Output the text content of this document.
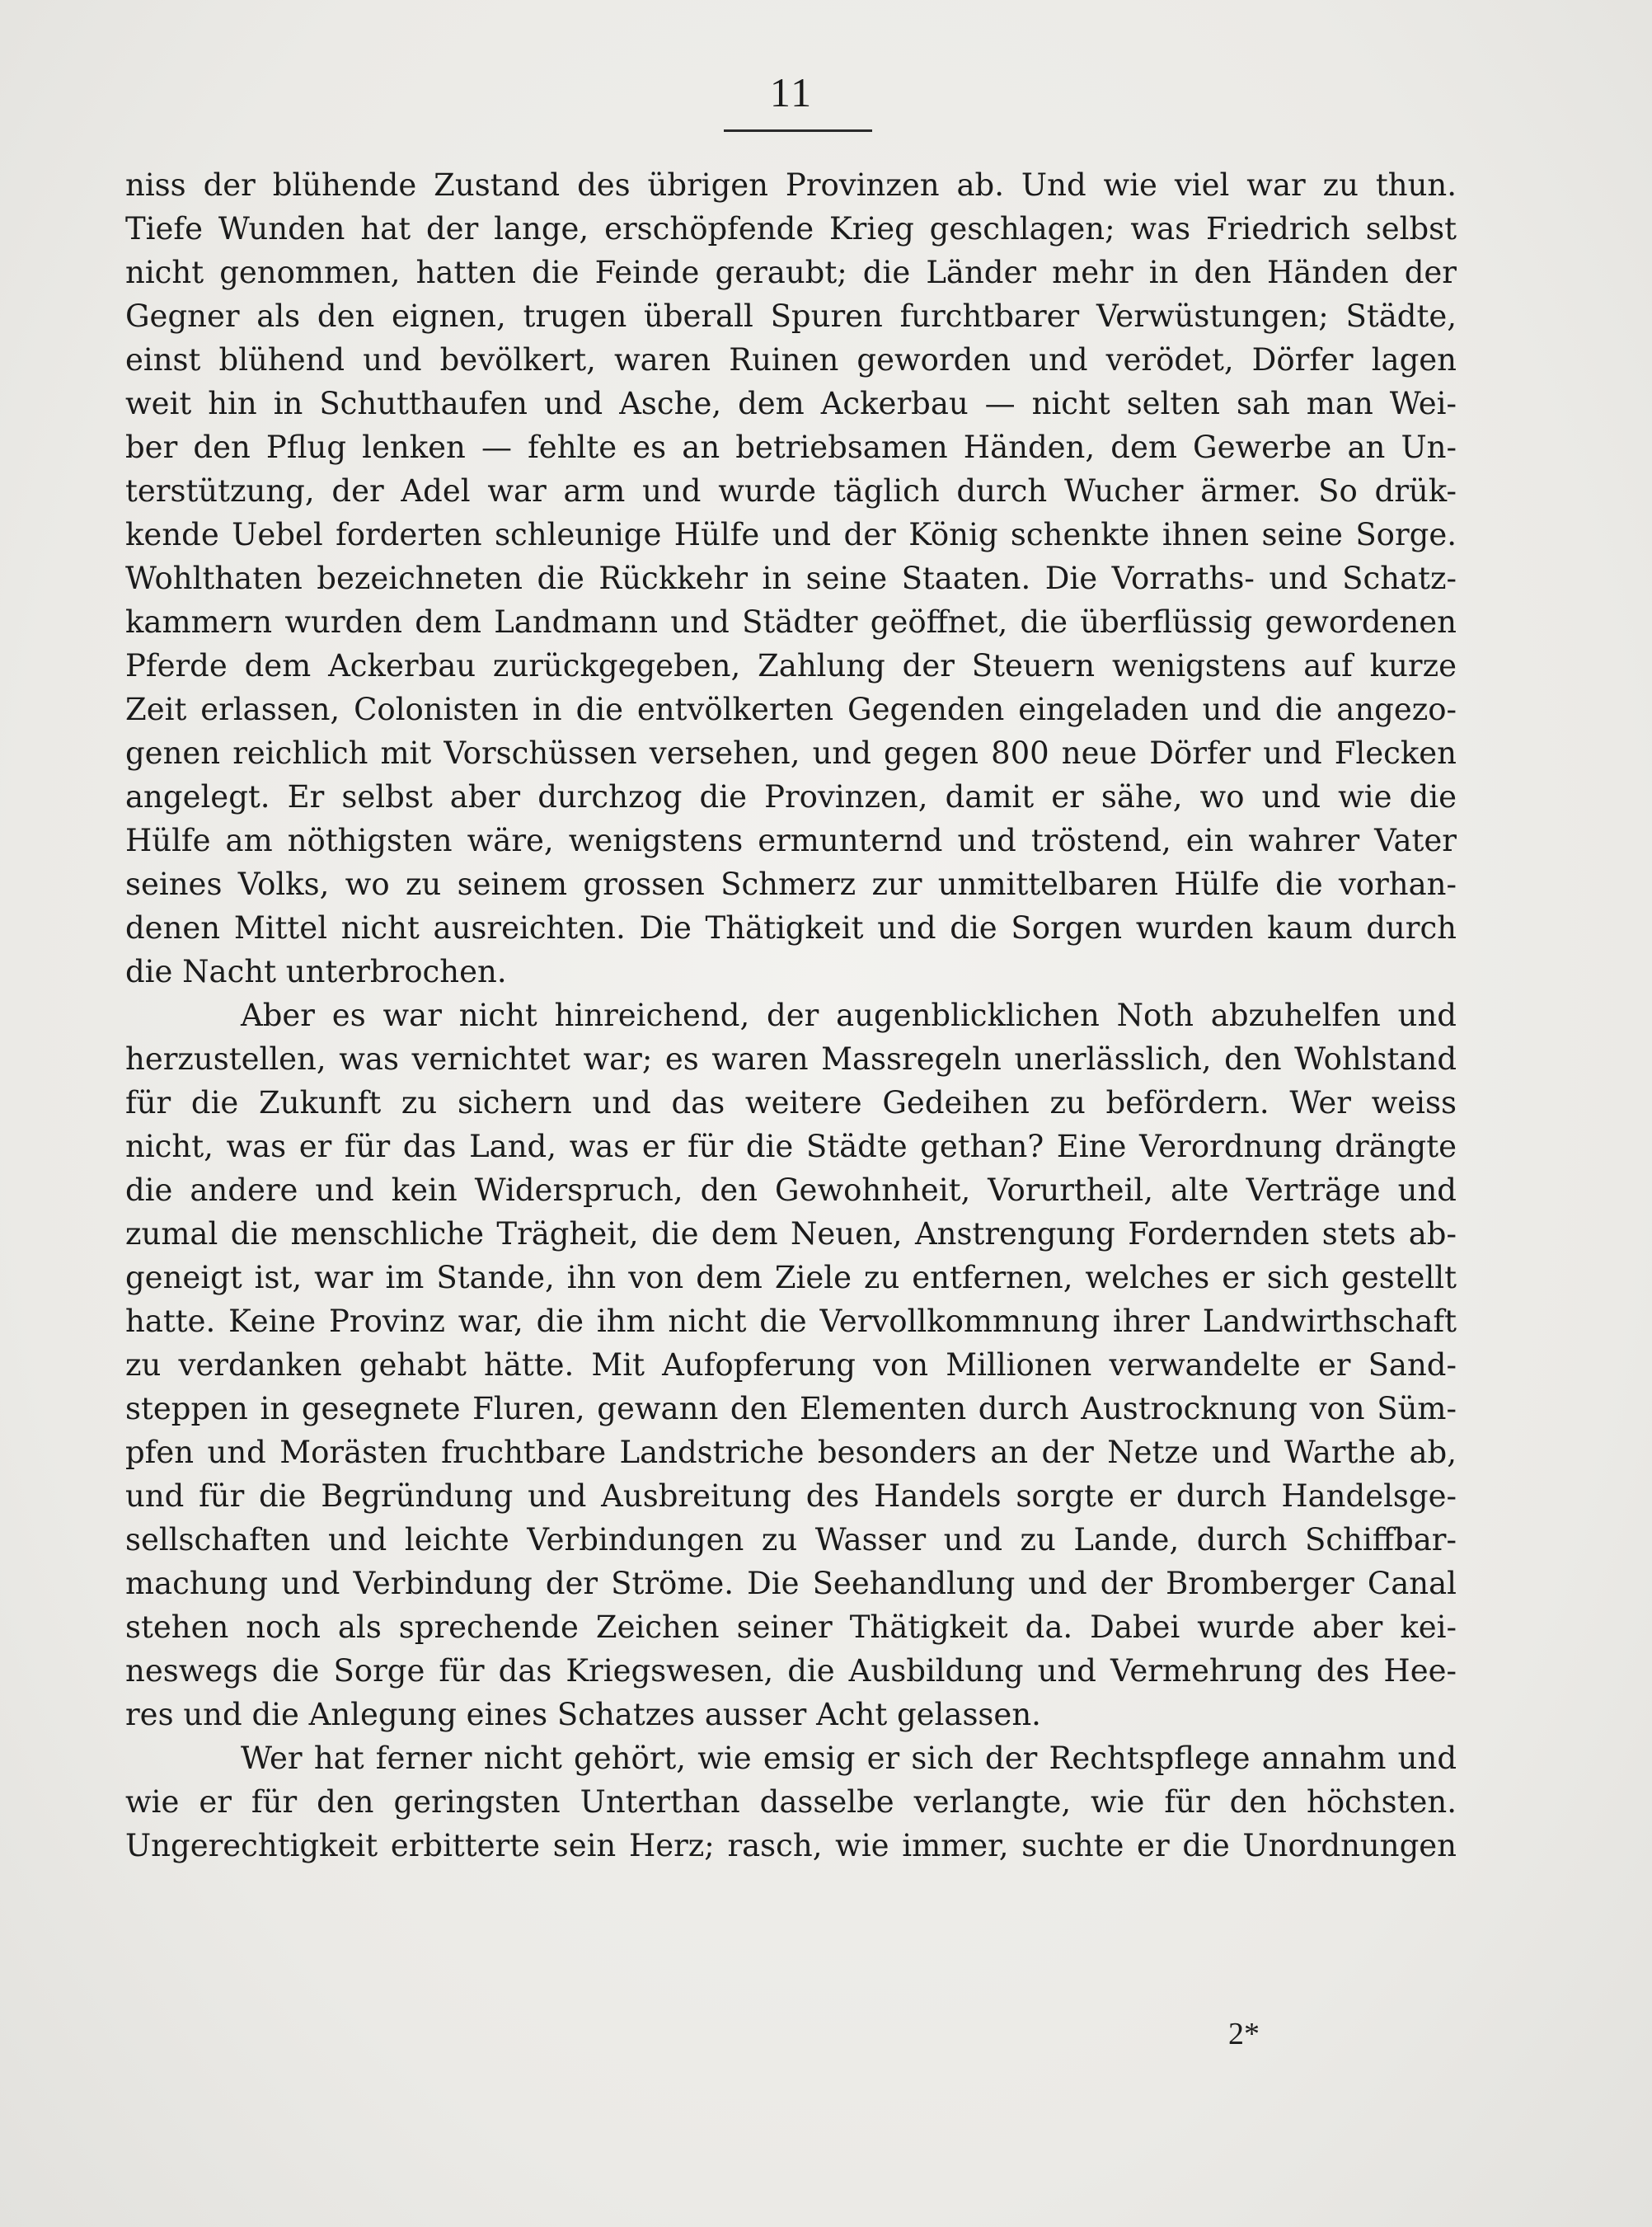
11
niss der blühende Zustand des übrigen Provinzen ab. Und wie viel war zu thun.
Tiefe Wunden hat der lange, erschöpfende Krieg geschlagen; was Friedrich selbst
nicht genommen, hatten die Feinde geraubt; die Länder mehr in den Händen der
Gegner als den eignen, trugen überall Spuren furchtbarer Verwüstungen; Städte,
einst blühend und bevölkert, waren Ruinen geworden und verödet, Dörfer lagen
weit hin in Schutthaufen und Asche, dem Ackerbau — nicht selten sah man Wei-
ber den Pflug lenken — fehlte es an betriebsamen Händen, dem Gewerbe an Un-
terstützung, der Adel war arm und wurde täglich durch Wucher ärmer. So drük-
kende Uebel forderten schleunige Hülfe und der König schenkte ihnen seine Sorge.
Wohlthaten bezeichneten die Rückkehr in seine Staaten. Die Vorraths- und Schatz-
kammern wurden dem Landmann und Städter geöffnet, die überflüssig gewordenen
Pferde dem Ackerbau zurückgegeben, Zahlung der Steuern wenigstens auf kurze
Zeit erlassen, Colonisten in die entvölkerten Gegenden eingeladen und die angezo-
genen reichlich mit Vorschüssen versehen, und gegen 800 neue Dörfer und Flecken
angelegt. Er selbst aber durchzog die Provinzen, damit er sähe, wo und wie die
Hülfe am nöthigsten wäre, wenigstens ermunternd und tröstend, ein wahrer Vater
seines Volks, wo zu seinem grossen Schmerz zur unmittelbaren Hülfe die vorhan-
denen Mittel nicht ausreichten. Die Thätigkeit und die Sorgen wurden kaum durch
die Nacht unterbrochen.
Aber es war nicht hinreichend, der augenblicklichen Noth abzuhelfen und
herzustellen, was vernichtet war; es waren Massregeln unerlässlich, den Wohlstand
für die Zukunft zu sichern und das weitere Gedeihen zu befördern. Wer weiss
nicht, was er für das Land, was er für die Städte gethan? Eine Verordnung drängte
die andere und kein Widerspruch, den Gewohnheit, Vorurtheil, alte Verträge und
zumal die menschliche Trägheit, die dem Neuen, Anstrengung Fordernden stets ab-
geneigt ist, war im Stande, ihn von dem Ziele zu entfernen, welches er sich gestellt
hatte. Keine Provinz war, die ihm nicht die Vervollkommnung ihrer Landwirthschaft
zu verdanken gehabt hätte. Mit Aufopferung von Millionen verwandelte er Sand-
steppen in gesegnete Fluren, gewann den Elementen durch Austrocknung von Süm-
pfen und Morästen fruchtbare Landstriche besonders an der Netze und Warthe ab,
und für die Begründung und Ausbreitung des Handels sorgte er durch Handelsge-
sellschaften und leichte Verbindungen zu Wasser und zu Lande, durch Schiffbar-
machung und Verbindung der Ströme. Die Seehandlung und der Bromberger Canal
stehen noch als sprechende Zeichen seiner Thätigkeit da. Dabei wurde aber kei-
neswegs die Sorge für das Kriegswesen, die Ausbildung und Vermehrung des Hee-
res und die Anlegung eines Schatzes ausser Acht gelassen.
Wer hat ferner nicht gehört, wie emsig er sich der Rechtspflege annahm und
wie er für den geringsten Unterthan dasselbe verlangte, wie für den höchsten.
Ungerechtigkeit erbitterte sein Herz; rasch, wie immer, suchte er die Unordnungen
2*
